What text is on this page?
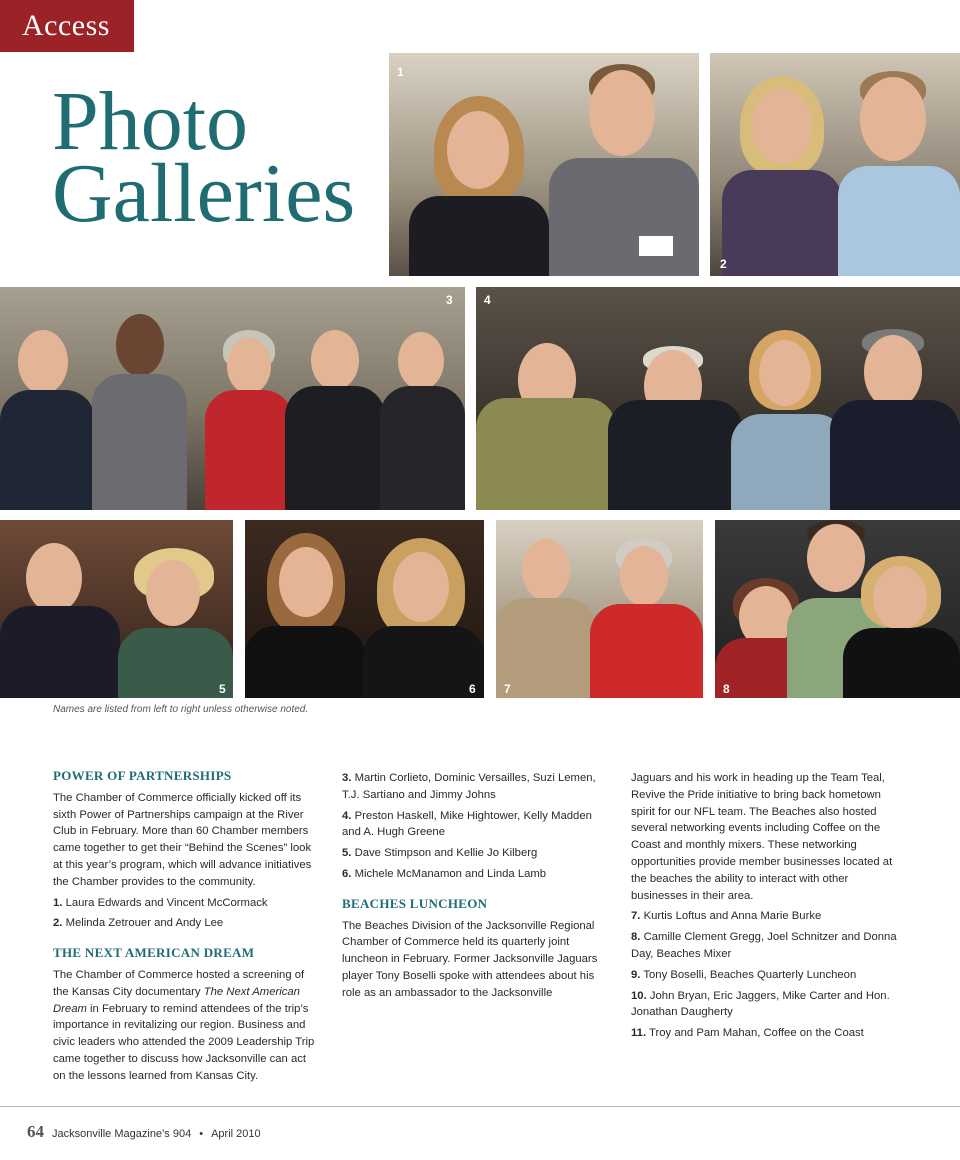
Access
Photo
Galleries
1
2
3	4
5	6 7	8
Names are listed from left to right unless otherwise noted.
POWER OF PARTNERSHIPS

The Chamber of Commerce officially kicked off its sixth Power of Partnerships campaign at the River Club in February. More than 60 Chamber members came together to get their “Behind the Scenes” look at this year’s program, which will advance initiatives the Chamber provides to the community.

1. Laura Edwards and Vincent McCormack
2. Melinda Zetrouer and Andy Lee
THE NEXT AMERICAN DREAM

The Chamber of Commerce hosted a screening of the Kansas City documentary The Next American Dream in February to remind attendees of the trip’s importance in revitalizing our region. Business and civic leaders who attended the 2009 Leadership Trip came together to discuss how Jacksonville can act on the lessons learned from Kansas City.

3. Martin Corlieto, Dominic Versailles, Suzi Lemen, T.J. Sartiano and Jimmy Johns
4. Preston Haskell, Mike Hightower, Kelly Madden and A. Hugh Greene
5. Dave Stimpson and Kellie Jo Kilberg
6. Michele McManamon and Linda Lamb
BEACHES LUNCHEON

The Beaches Division of the Jacksonville Regional Chamber of Commerce held its quarterly joint luncheon in February. Former Jacksonville Jaguars player Tony Boselli spoke with attendees about his role as an ambassador to the Jacksonville

Jaguars and his work in heading up the Team Teal, Revive the Pride initiative to bring back hometown spirit for our NFL team. The Beaches also hosted several networking events including Coffee on the Coast and monthly mixers. These networking opportunities provide member businesses located at the beaches the ability to interact with other businesses in their area.

7. Kurtis Loftus and Anna Marie Burke
8. Camille Clement Gregg, Joel Schnitzer and Donna Day, Beaches Mixer
9. Tony Boselli, Beaches Quarterly Luncheon
10. John Bryan, Eric Jaggers, Mike Carter and Hon. Jonathan Daugherty
11. Troy and Pam Mahan, Coffee on the Coast
64 Jacksonville Magazine’s 904 • April 2010
